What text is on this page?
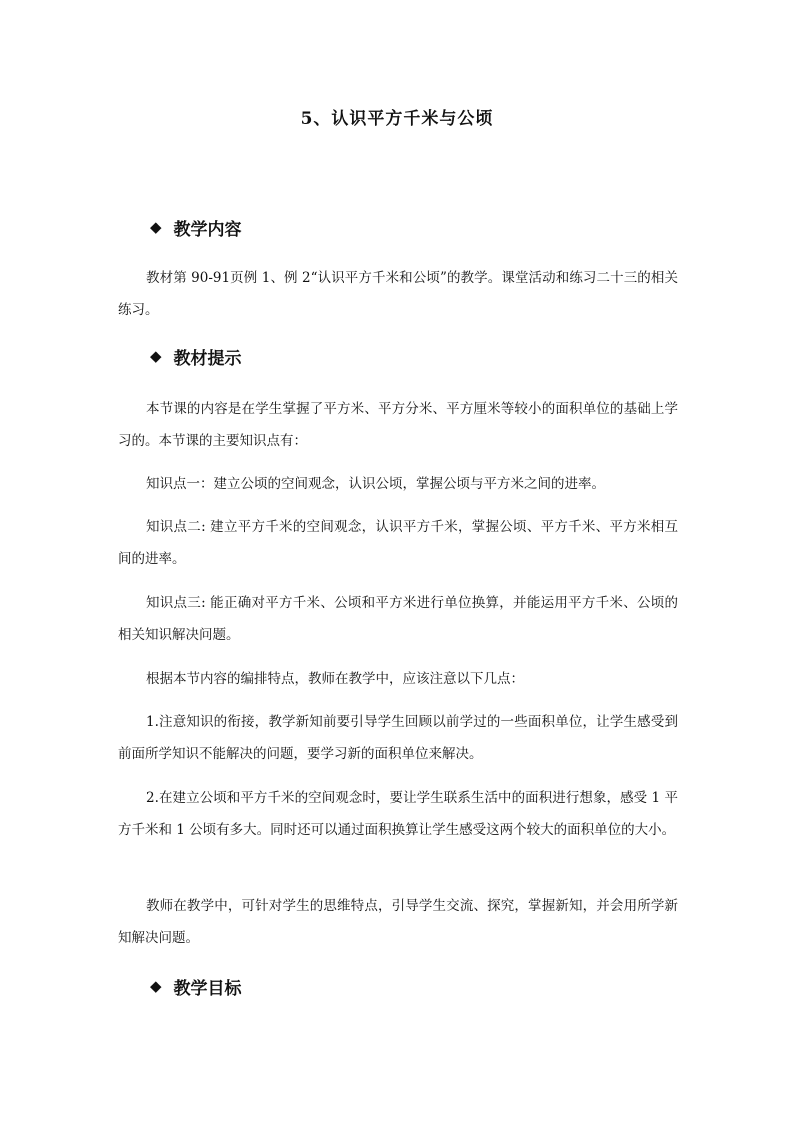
5、认识平方千米与公顷
◆ 教学内容
教材第 90-91页例 1、例 2“认识平方千米和公顷”的教学。课堂活动和练习二十三的相关练习。
◆ 教材提示
本节课的内容是在学生掌握了平方米、平方分米、平方厘米等较小的面积单位的基础上学习的。本节课的主要知识点有：
知识点一：建立公顷的空间观念，认识公顷，掌握公顷与平方米之间的进率。
知识点二: 建立平方千米的空间观念，认识平方千米，掌握公顷、平方千米、平方米相互间的进率。
知识点三: 能正确对平方千米、公顷和平方米进行单位换算，并能运用平方千米、公顷的相关知识解决问题。
根据本节内容的编排特点，教师在教学中，应该注意以下几点：
1.注意知识的衔接，教学新知前要引导学生回顾以前学过的一些面积单位，让学生感受到前面所学知识不能解决的问题，要学习新的面积单位来解决。
2.在建立公顷和平方千米的空间观念时，要让学生联系生活中的面积进行想象，感受 1 平方千米和 1 公顷有多大。同时还可以通过面积换算让学生感受这两个较大的面积单位的大小。
教师在教学中，可针对学生的思维特点，引导学生交流、探究，掌握新知，并会用所学新知解决问题。
◆ 教学目标
